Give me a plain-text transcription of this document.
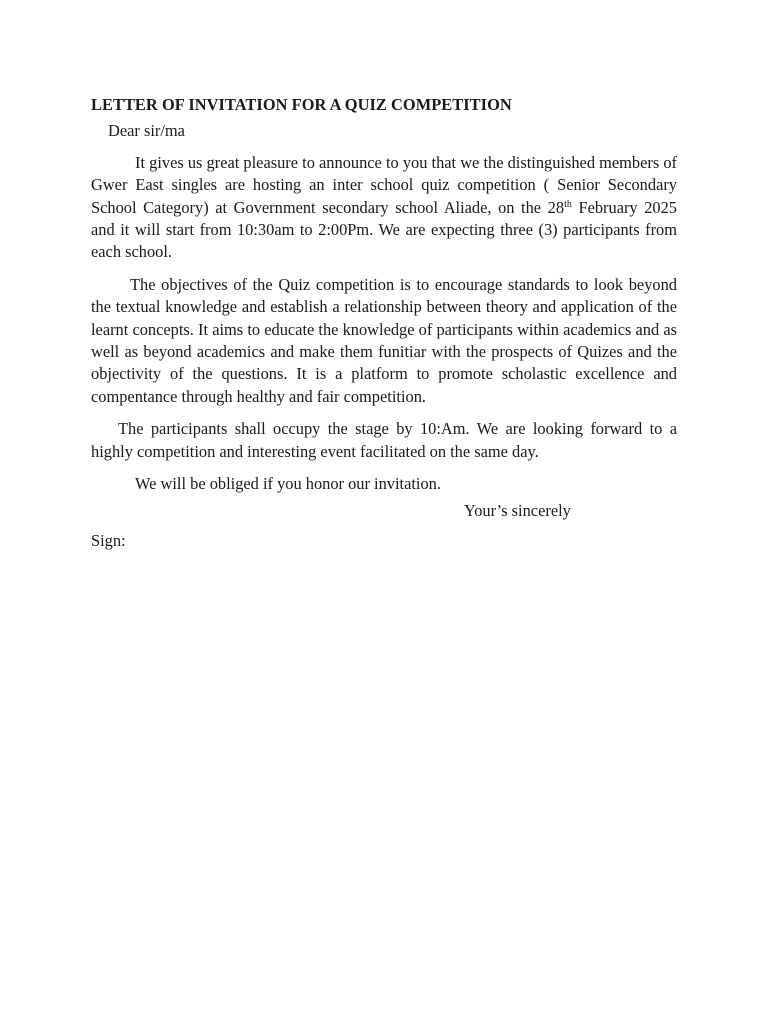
LETTER OF INVITATION FOR A QUIZ COMPETITION
Dear sir/ma

It gives us great pleasure to announce to you that we the distinguished members of Gwer East singles are hosting an inter school quiz competition ( Senior Secondary School Category) at Government secondary school Aliade, on the 28th February 2025 and it will start from 10:30am to 2:00Pm. We are expecting three (3) participants from each school.

The objectives of the Quiz competition is to encourage standards to look beyond the textual knowledge and establish a relationship between theory and application of the learnt concepts. It aims to educate the knowledge of participants within academics and as well as beyond academics and make them funitiar with the prospects of Quizes and the objectivity of the questions. It is a platform to promote scholastic excellence and compentance through healthy and fair competition.

The participants shall occupy the stage by 10:Am. We are looking forward to a highly competition and interesting event facilitated on the same day.

We will be obliged if you honor our invitation.

Your’s sincerely
Sign:
